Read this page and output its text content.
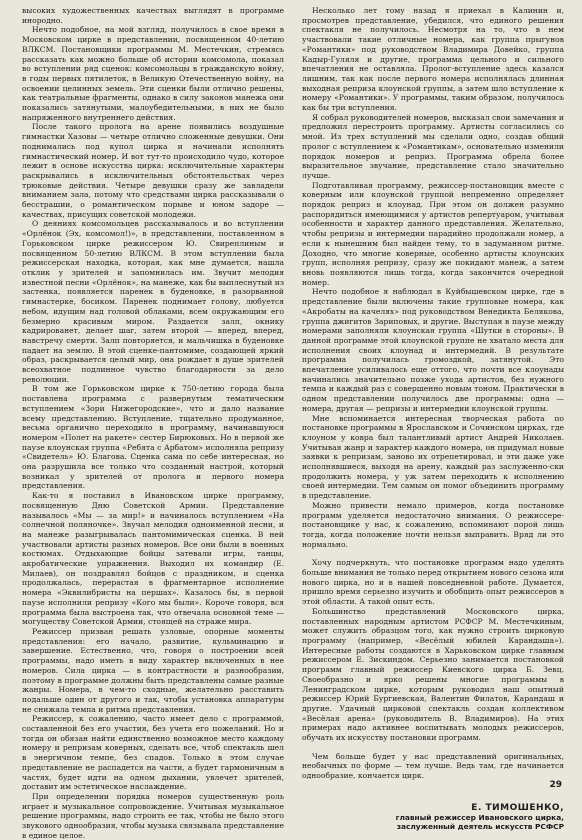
высоких художественных качествах выглядят в программе инородно.

Нечто подобное, на мой взгляд, получилось в свое время в Московском цирке в представлении, посвященном 40-летию ВЛКСМ. Постановщики программы М. Местечкин, стремясь рассказать как можно больше об истории комсомола, показал во вступлении ряд сценок: комсомольцы в гражданскую войну, в годы первых пятилеток, в Великую Отечественную войну, на освоении целинных земель. Эти сценки были отлично решены, как театральные фрагменты, однако в силу законов манежа они показались затянутыми, малоубедительными, в них не было напряженного внутреннего действия.

После такого пролога на арене появились воздушные гимнастки Хазовы — четыре отлично сложенные девушки. Они поднимались под купол цирка и начинали исполнять гимнастический номер. И вот тут-то происходило чудо, которое лежит в основе искусства цирка: исключительные характеры раскрывались в исключительных обстоятельствах через трюковые действия. Четыре девушки сразу же завладели вниманием зала, потому что средствами цирка рассказывали о бесстрашии, о романтическом порыве и юном задоре — качествах, присущих советской молодежи.

О деяниях комсомольцев рассказывалось и во вступлении «Орлёнок (Эх, комсомол!)», в представлении, поставленном в Горьковском цирке режиссером Ю. Свиреплиным и посвященном 50-летию ВЛКСМ. В этом вступлении была режиссерская находка, которая, как мне думается, нашла отклик у зрителей и запомнилась им. Звучит мелодия известной песни «Орлёнок», на манеже, как бы выплеснутый из застенка, появляется паренек в буденовке, в разорванной гимнастерке, босиком. Паренек поднимает голову, любуется небом, идущим над головой облаками, всем окружающим его безмерно красивым миром. Раздается залп, окнику кадрированет, делает шаг, затем второй — вперед, вперед, навстречу смерти. Залп повторяется, и мальчишка в буденовке падает на землю. В этой сценке-пантомиме, создающей яркий образ, раскрывается целый мир, она рождает в душе зрителей всеохватное подлинное чувство благодарности за дело революции.

В том же Горьковском цирке к 750-летию города была поставлена программа с развернутым тематическим вступлением «Зори Нижегородские», что и дало название всему представлению. Вступление, тщательно продуманное, весьма органично переходило в программу, начинавшуюся номером «Полет на ракете» сестер Бирюковых. Но в первой же паузе клоунская группа «Ребята с Арбатом» исполняла репризу «Свидетель» Ю. Благова. Сценка сама по себе интересная, но она разрушила все только что созданный настрой, который возникал у зрителей от пролога и первого номера представления.

Как-то я поставил в Ивановском цирке программу, посвященную Дню Советской Армии. Представление называлось «Мы — за мир!» и начиналось вступлением «На солнечной поляночке». Звучал мелодия одноименной песни, и на манеже разыгрывалась пантомимическая сценка. В ней участвовали артисты разных номеров. Все они были в военных костюмах. Отдыхающие бойцы затевали игры, танцы, акробатические упражнения. Выходил их командир (Е. Милаев), он поздравлял бойцов с праздником, и сценка продолжалась, перерастая в фрагментарное исполнение номера «Эквилибристы на першах». Казалось бы, в первой паузе исполнили репризу «Кого мы были». Короче говоря, вся программа была выстроена так, что отвечала основной теме — могуществу Советской Армии, стоящей на страже мира.

Режиссер призван решать узловые, опорные моменты представления: его начало, развитие, кульминацию и завершение. Естественно, что, говоря о построении всей программы, надо иметь в виду характер включенных в нее номеров. Сила цирка — в контрастности и разнообразии, поэтому в программе должны быть представлены самые разные жанры. Номера, в чем-то сходные, желательно расставить подальше один от другого и так, чтобы установка аппаратуры не снижала темпа и ритма представления.

Режиссер, к сожалению, часто имеет дело с программой, составленной без его участия, без учета его пожеланий. Но и тогда он обязан найти единственно возможное место каждому номеру и репризам коверных, сделать все, чтоб спектакль шел в энергичном темпе, без спадов. Только в этом случае представление не распадется на части, а будет гармоничным в частях, будет идти на одном дыхании, увлечет зрителей, доставит им эстетическое наслаждение.

При определении порядка номеров существенную роль играет и музыкальное сопровождение. Учитывая музыкальное решение программы, надо строить ее так, чтобы не было этого звукового однообразия, чтобы музыка связывала представление в единое целое.

Несколько лет тому назад я приехал в Калинин и, просмотрев представление, убедился, что единого решения спектакля не получилось. Несмотря на то, что в нем участвовали такие отличные номера, как группа прыгунов «Романтики» под руководством Владимира Довейко, группа Кадыр-Гуляля и другие, программа цельного и сильного впечатления не оставляла. Пролог-вступление здесь казался лишним, так как после первого номера исполнялась длинная выходная реприза клоунской группы, а затем шло вступление к номеру «Романтики». У программы, таким образом, получилось как бы три вступления.

Я собрал руководителей номеров, высказал свои замечания и предложил перестроить программу. Артисты согласились со мной. Из трех вступлений мы сделали одно, создав общий пролог с вступлением к «Романтикам», основательно изменили порядок номеров и реприз. Программа обрела более выразительное звучание, представление стало значительно лучше.

Подготавливая программу, режиссер-постановщик вместе с коверным или клоунской группой непременно определяет порядок реприз и клоунад. При этом он должен разумно распорядиться имеющимися у артистов репертуаром, учитывая особенности и характер данного представления. Желательно, чтобы репризы и интермедии парадийно продолжали номер, а если к нынешним был найден тему, то в задуманном ритме. Доходно, что многие коверные, особенно артисты клоунских групп, исполняя репризу, сразу же покидают манеж, а затем вновь появляются лишь тогда, когда закончится очередной номер.

Нечто подобное я наблюдал в Куйбышевском цирке, где в представление были включены такие групповые номера, как «Акробаты на качелях» под руководством Венедикта Беляковa, группа джигитов Зариповых, и другие. Выступая в паузе между номерами заполняли клоунская группа «Шутки в стороны». В данной программе этой клоунской группе не хватало места для исполнения своих клоунад и интермедий. В результате программа получилась громоздкой, затянутой. Это впечатление усиливалось еще оттого, что почти все клоунады начинались значительно позже ухода артистов, без нужного темпа и каждый раз с совершенно новым тоном. Практически в одном представлении получилось две программы: одна — номера, другая — репризы и интермедии клоунской группы.

Мне вспоминается интересная творческая работа по постановке программы в Ярославском и Сочинском цирках, где клоуном у ковра был талантливый артист Андрей Николаев. Учитывая жанр и характер каждого номера, он придумал новые заявки к репризам, заново их отрепетировал, и эти даже уже исполнявшиеся, выходя на арену, каждый раз заслуженно-ски продолжить номера, у уж затем переходить к исполнению своей интермедии. Тем самым он помог объединить программу в представление.

Можно привести немало примеров, когда постановке программ уделяется недостаточно внимания. О режиссере-постановщике у нас, к сожалению, вспоминают порой лишь тогда, когда положение почти нельзя выправить. Вряд ли это нормально.

Хочу подчеркнуть, что постановке программ надо уделять больше внимания не только перед открытием нового сезона или нового цирка, но и в нашей повседневной работе. Думается, пришло время серьезно изучить и обобщить опыт режиссеров в этой области. А такой опыт есть.

Большинство представлений Московского цирка, поставленных народным артистом РСФСР М. Местечкиным, может служить образцом того, как нужно строить цирковую программу (например, «Весёлый юбилей Карандаша»). Интересные работы создаются в Харьковском цирке главным режиссером Е. Зискиндом. Серьезно занимается постановкой программ главный режиссер Киевского цирка Б. Зевц. Своеобразно и ярко решены многие программы в Ленинградском цирке, которым руководил наш опытный режиссер Юрий Бургиевская, Валентин Филатов, Карандаш и другие. Удачный цирковой спектакль создан коллективом «Весёлая арена» (руководитель В. Владимиров). На этих примерах надо активнее воспитывать молодых режиссеров, обучать их искусству постановки программ.

Чем больше будет у нас представлений оригинальных, необычных по форме — тем лучше. Ведь там, где начинается однообразие, кончается цирк.

Е. ТИМОШЕНКО,
главный режиссер Ивановского цирка,
заслуженный деятель искусств РСФСР
29
